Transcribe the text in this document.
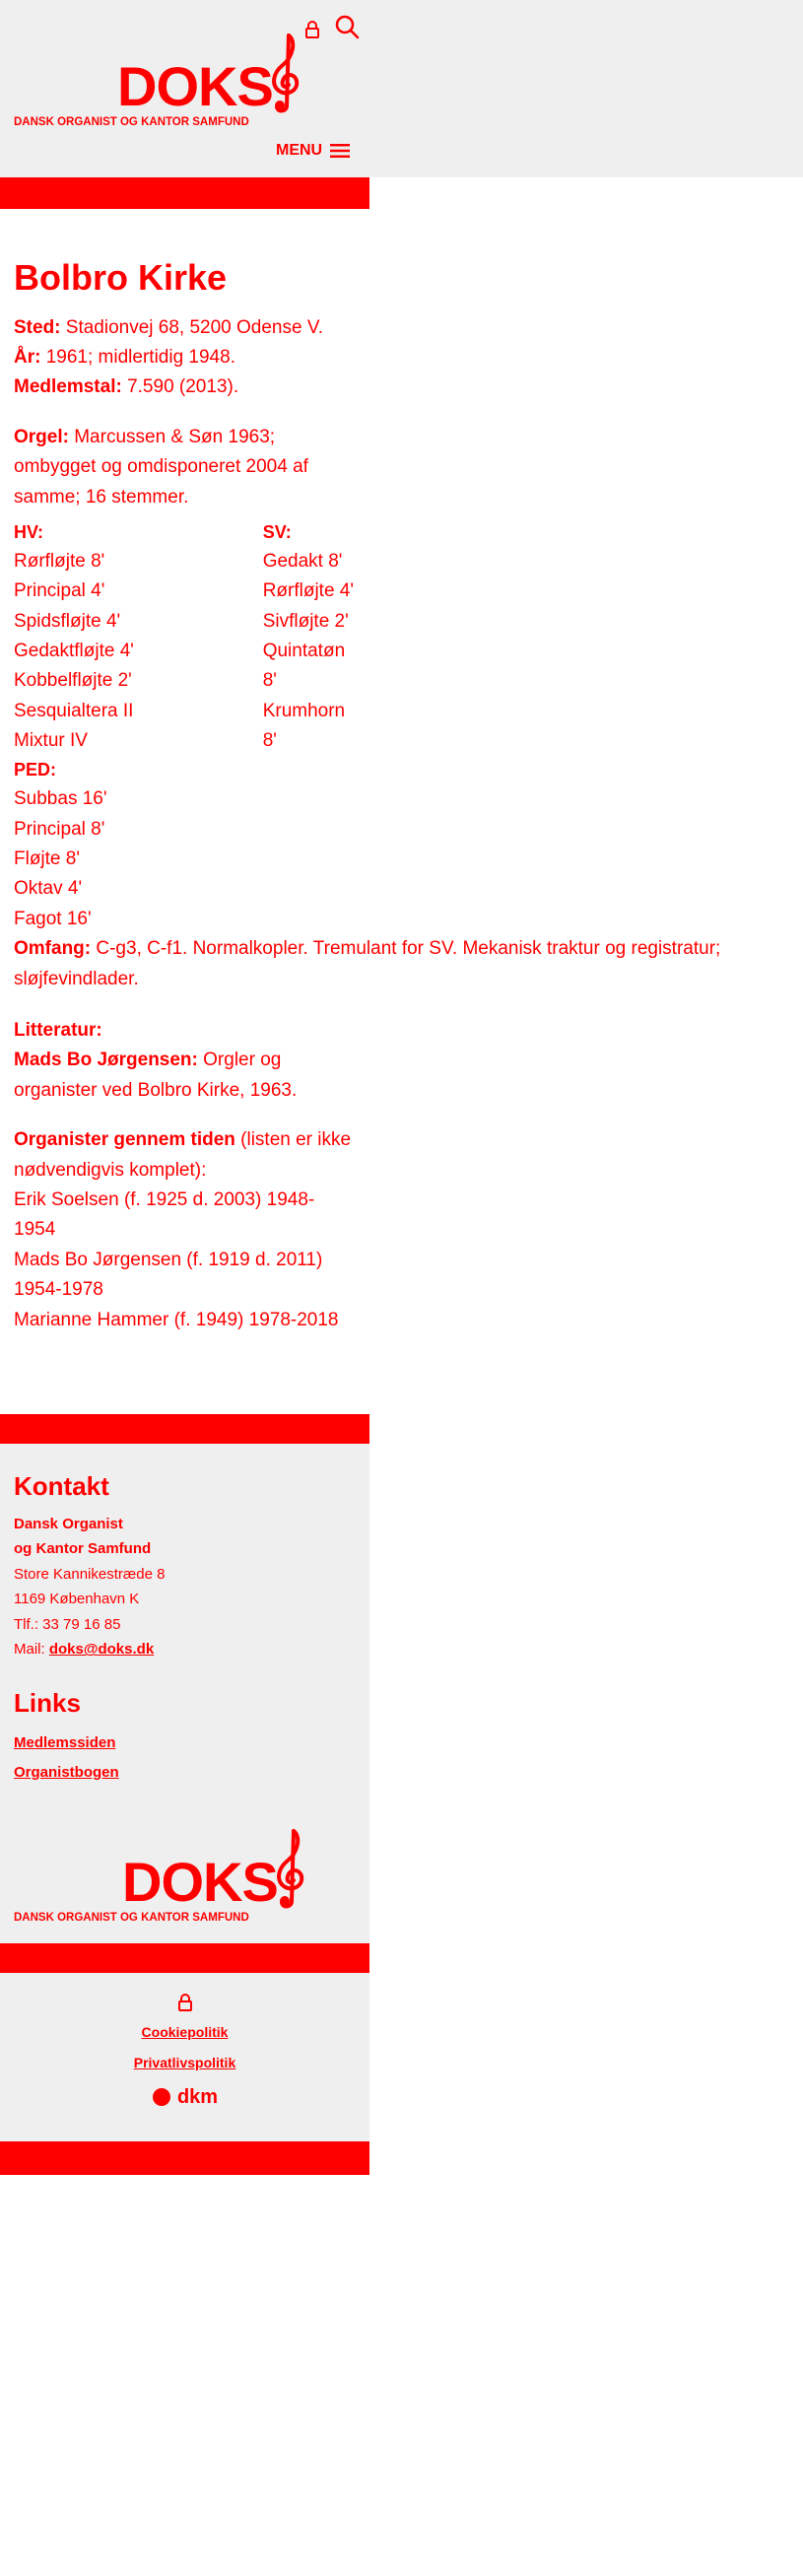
DOKS
DANSK ORGANIST OG KANTOR SAMFUND
MENU
Bolbro Kirke
Sted: Stadionvej 68, 5200 Odense V.
År: 1961; midlertidig 1948.
Medlemstal: 7.590 (2013).
Orgel: Marcussen & Søn 1963; ombygget og omdisponeret 2004 af samme; 16 stemmer.
HV:
Rørfløjte 8'
Principal 4'
Spidsfløjte 4'
Gedaktfløjte 4'
Kobbelfløjte 2'
Sesquialtera II
Mixtur IV
PED:
Subbas 16'
Principal 8'
Fløjte 8'
Oktav 4'
Fagot 16'
SV:
Gedakt 8'
Rørfløjte 4'
Sivfløjte 2'
Quintatøn 8'
Krumhorn 8'
Omfang: C-g3, C-f1. Normalkopler. Tremulant for SV. Mekanisk traktur og registratur; sløjfevindlader.
Litteratur:
Mads Bo Jørgensen: Orgler og organister ved Bolbro Kirke, 1963.
Organister gennem tiden (listen er ikke nødvendigvis komplet):
Erik Soelsen (f. 1925 d. 2003) 1948-1954
Mads Bo Jørgensen (f. 1919 d. 2011) 1954-1978
Marianne Hammer (f. 1949) 1978-2018
Kontakt
Dansk Organist
og Kantor Samfund
Store Kannikestræde 8
1169 København K
Tlf.: 33 79 16 85
Mail: doks@doks.dk
Links
Medlemssiden
Organistbogen
DOKS
DANSK ORGANIST OG KANTOR SAMFUND
Cookiepolitik
Privatlivspolitik
dkm
